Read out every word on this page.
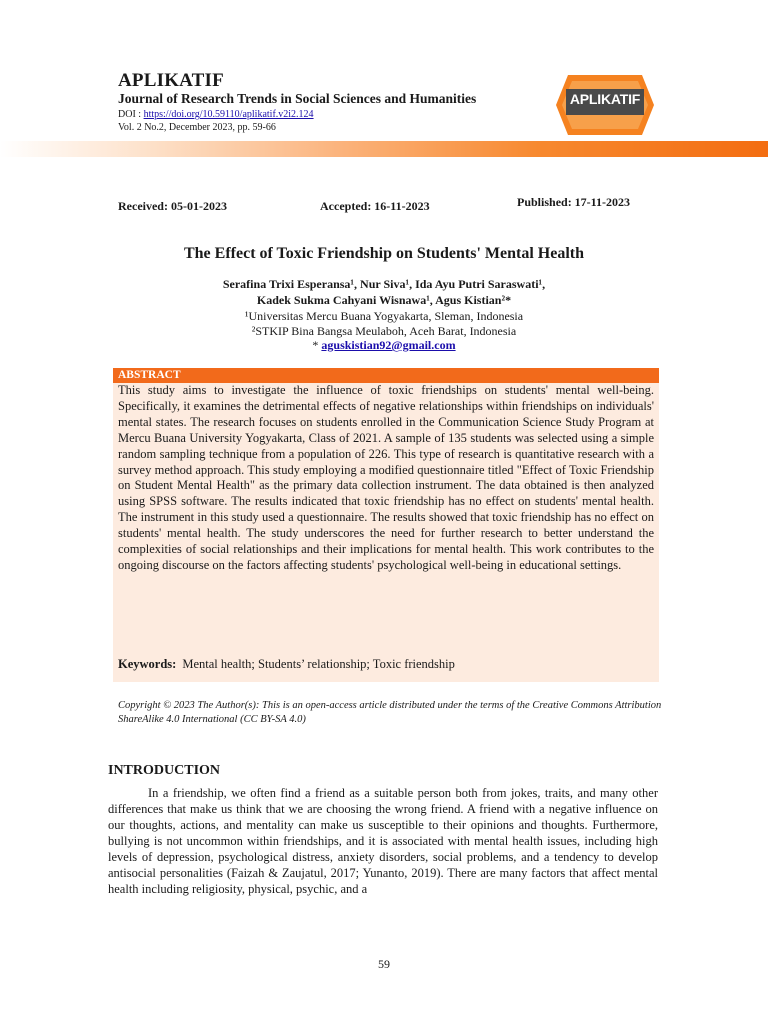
APLIKATIF
Journal of Research Trends in Social Sciences and Humanities
DOI : https://doi.org/10.59110/aplikatif.v2i2.124
Vol. 2 No.2, December 2023, pp. 59-66
APLIKATIF
Received: 05-01-2023	Accepted: 16-11-2023	Published: 17-11-2023
The Effect of Toxic Friendship on Students' Mental Health
Serafina Trixi Esperansa¹, Nur Siva¹, Ida Ayu Putri Saraswati¹,
Kadek Sukma Cahyani Wisnawa¹, Agus Kistian²*
¹Universitas Mercu Buana Yogyakarta, Sleman, Indonesia
²STKIP Bina Bangsa Meulaboh, Aceh Barat, Indonesia
* aguskistian92@gmail.com
ABSTRACT
This study aims to investigate the influence of toxic friendships on students' mental well-being. Specifically, it examines the detrimental effects of negative relationships within friendships on individuals' mental states. The research focuses on students enrolled in the Communication Science Study Program at Mercu Buana University Yogyakarta, Class of 2021. A sample of 135 students was selected using a simple random sampling technique from a population of 226. This type of research is quantitative research with a survey method approach. This study employing a modified questionnaire titled "Effect of Toxic Friendship on Student Mental Health" as the primary data collection instrument. The data obtained is then analyzed using SPSS software. The results indicated that toxic friendship has no effect on students' mental health. The instrument in this study used a questionnaire. The results showed that toxic friendship has no effect on students' mental health. The study underscores the need for further research to better understand the complexities of social relationships and their implications for mental health. This work contributes to the ongoing discourse on the factors affecting students' psychological well-being in educational settings.
Keywords: Mental health; Students’ relationship; Toxic friendship
Copyright © 2023 The Author(s): This is an open-access article distributed under the terms of the Creative Commons Attribution ShareAlike 4.0 International (CC BY-SA 4.0)
INTRODUCTION

In a friendship, we often find a friend as a suitable person both from jokes, traits, and many other differences that make us think that we are choosing the wrong friend. A friend with a negative influence on our thoughts, actions, and mentality can make us susceptible to their opinions and thoughts. Furthermore, bullying is not uncommon within friendships, and it is associated with mental health issues, including high levels of depression, psychological distress, anxiety disorders, social problems, and a tendency to develop antisocial personalities (Faizah & Zaujatul, 2017; Yunanto, 2019). There are many factors that affect mental health including religiosity, physical, psychic, and a

59
